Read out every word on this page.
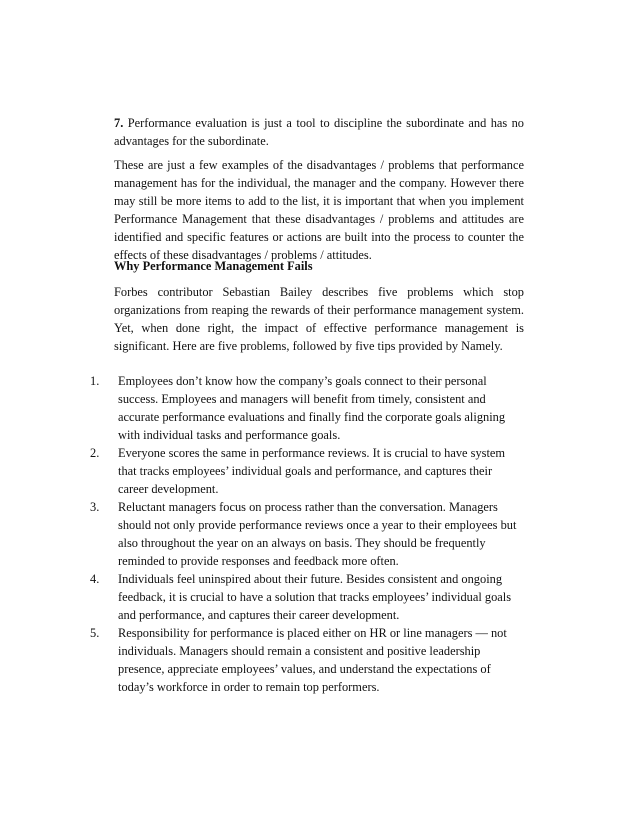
7. Performance evaluation is just a tool to discipline the subordinate and has no advantages for the subordinate.

These are just a few examples of the disadvantages / problems that performance management has for the individual, the manager and the company. However there may still be more items to add to the list, it is important that when you implement Performance Management that these disadvantages / problems and attitudes are identified and specific features or actions are built into the process to counter the effects of these disadvantages / problems / attitudes.

Why Performance Management Fails

Forbes contributor Sebastian Bailey describes five problems which stop organizations from reaping the rewards of their performance management system. Yet, when done right, the impact of effective performance management is significant. Here are five problems, followed by five tips provided by Namely.

1. Employees don’t know how the company’s goals connect to their personal success. Employees and managers will benefit from timely, consistent and accurate performance evaluations and finally find the corporate goals aligning with individual tasks and performance goals.
2. Everyone scores the same in performance reviews. It is crucial to have system that tracks employees’ individual goals and performance, and captures their career development.
3. Reluctant managers focus on process rather than the conversation. Managers should not only provide performance reviews once a year to their employees but also throughout the year on an always on basis. They should be frequently reminded to provide responses and feedback more often.
4. Individuals feel uninspired about their future. Besides consistent and ongoing feedback, it is crucial to have a solution that tracks employees’ individual goals and performance, and captures their career development.
5. Responsibility for performance is placed either on HR or line managers — not individuals. Managers should remain a consistent and positive leadership presence, appreciate employees’ values, and understand the expectations of today’s workforce in order to remain top performers.
